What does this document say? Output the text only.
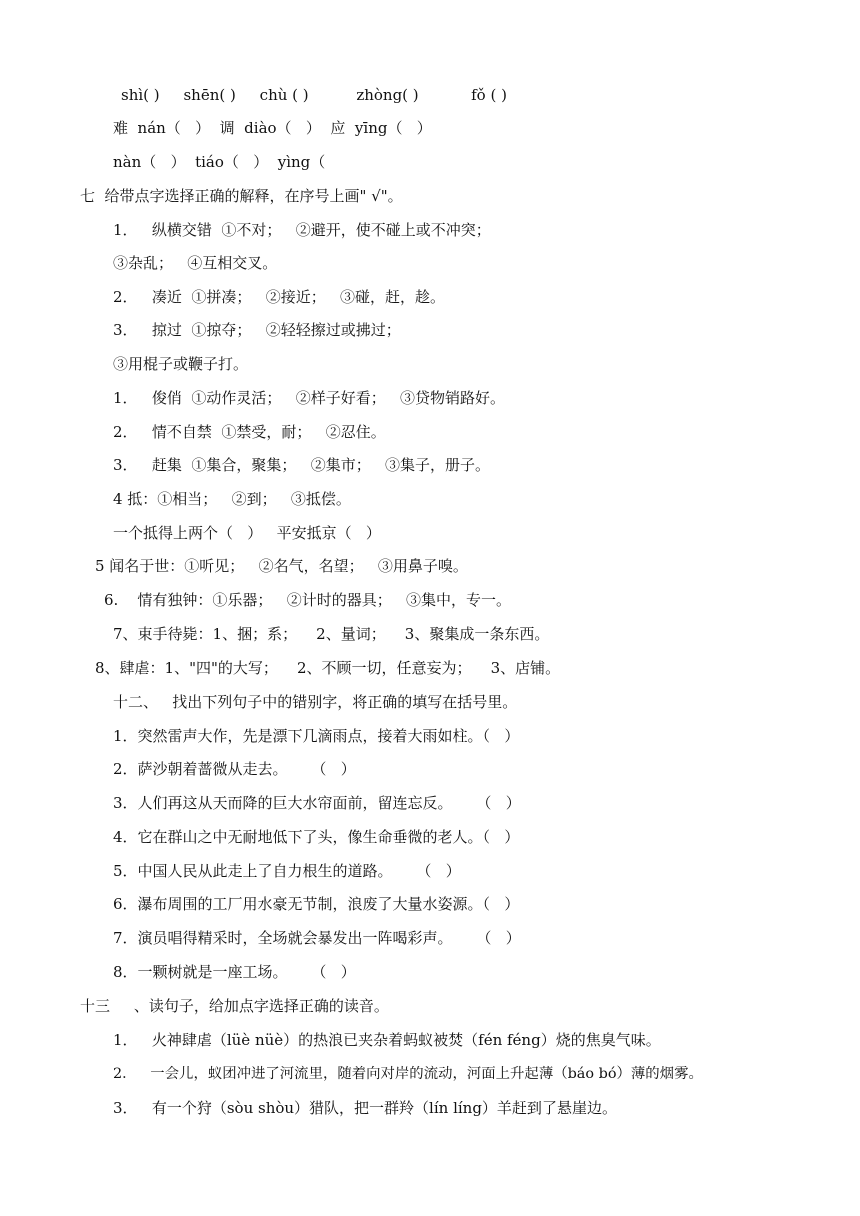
shì( )     shēn( )     chù ( )          zhòng( )           fǒ ( )
难  nán（   ）  调  diào（   ）  应  yīng（   ）
nàn（   ）  tiáo（   ）  yìng（
七  给带点字选择正确的解释，在序号上画" √"。
1．   纵横交错  ①不对；   ②避开，使不碰上或不冲突；
③杂乱；   ④互相交叉。
2．   凑近  ①拼凑；   ②接近；   ③碰，赶，趁。
3．   掠过  ①掠夺；   ②轻轻擦过或拂过；
③用棍子或鞭子打。
1．   俊俏  ①动作灵活；   ②样子好看；   ③贷物销路好。
2．   情不自禁  ①禁受，耐；   ②忍住。
3．   赶集  ①集合，聚集；   ②集市；   ③集子，册子。
4 抵：①相当；   ②到；   ③抵偿。
一个抵得上两个（   ）   平安抵京（   ）
5 闻名于世：①听见；   ②名气，名望；   ③用鼻子嗅。
6.    情有独钟：①乐器；   ②计时的器具；   ③集中，专一。
7、束手待毙：1、捆；系；    2、量词；    3、聚集成一条东西。
8、肆虐：1、"四"的大写；    2、不顾一切，任意妄为；    3、店铺。
十二、   找出下列句子中的错别字，将正确的填写在括号里。
1．突然雷声大作，先是漂下几滴雨点，接着大雨如柱。（   ）
2．萨沙朝着蔷微从走去。     （   ）
3．人们再这从天而降的巨大水帘面前，留连忘反。     （   ）
4．它在群山之中无耐地低下了头，像生命垂微的老人。（   ）
5．中国人民从此走上了自力根生的道路。     （   ）
6．瀑布周围的工厂用水豪无节制，浪废了大量水姿源。（   ）
7．演员唱得精采时，全场就会暴发出一阵喝彩声。     （   ）
8．一颗树就是一座工场。     （   ）
十三     、读句子，给加点字选择正确的读音。
1．   火神肆虐（lüè nüè）的热浪已夹杂着蚂蚁被焚（fén féng）烧的焦臭气味。
2．   一会儿，蚁团冲进了河流里，随着向对岸的流动，河面上升起薄（báo bó）薄的烟雾。
3．   有一个狩（sòu shòu）猎队，把一群羚（lín líng）羊赶到了悬崖边。
